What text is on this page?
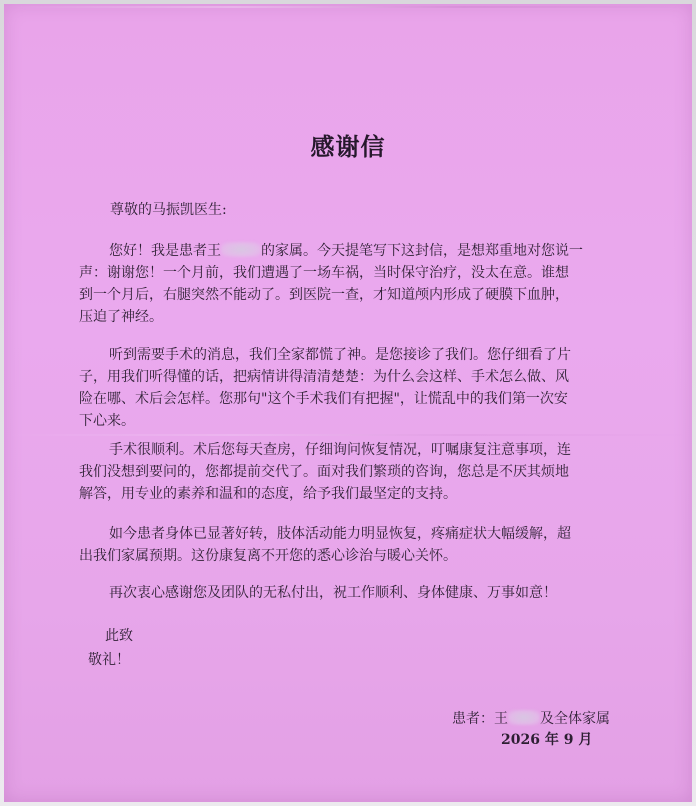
感谢信
尊敬的马振凯医生:
您好！我是患者王	的家属。今天提笔写下这封信，是想郑重地对您说一
声：谢谢您！一个月前，我们遭遇了一场车祸，当时保守治疗，没太在意。谁想
到一个月后，右腿突然不能动了。到医院一查，才知道颅内形成了硬膜下血肿，
压迫了神经。
听到需要手术的消息，我们全家都慌了神。是您接诊了我们。您仔细看了片
子，用我们听得懂的话，把病情讲得清清楚楚：为什么会这样、手术怎么做、风
险在哪、术后会怎样。您那句"这个手术我们有把握"，让慌乱中的我们第一次安
下心来。
手术很顺利。术后您每天查房，仔细询问恢复情况，叮嘱康复注意事项，连
我们没想到要问的，您都提前交代了。面对我们繁琐的咨询，您总是不厌其烦地
解答，用专业的素养和温和的态度，给予我们最坚定的支持。
如今患者身体已显著好转，肢体活动能力明显恢复，疼痛症状大幅缓解，超
出我们家属预期。这份康复离不开您的悉心诊治与暖心关怀。
再次衷心感谢您及团队的无私付出，祝工作顺利、身体健康、万事如意！
此致
敬礼！
患者：王 及全体家属
2026 年 9 月
